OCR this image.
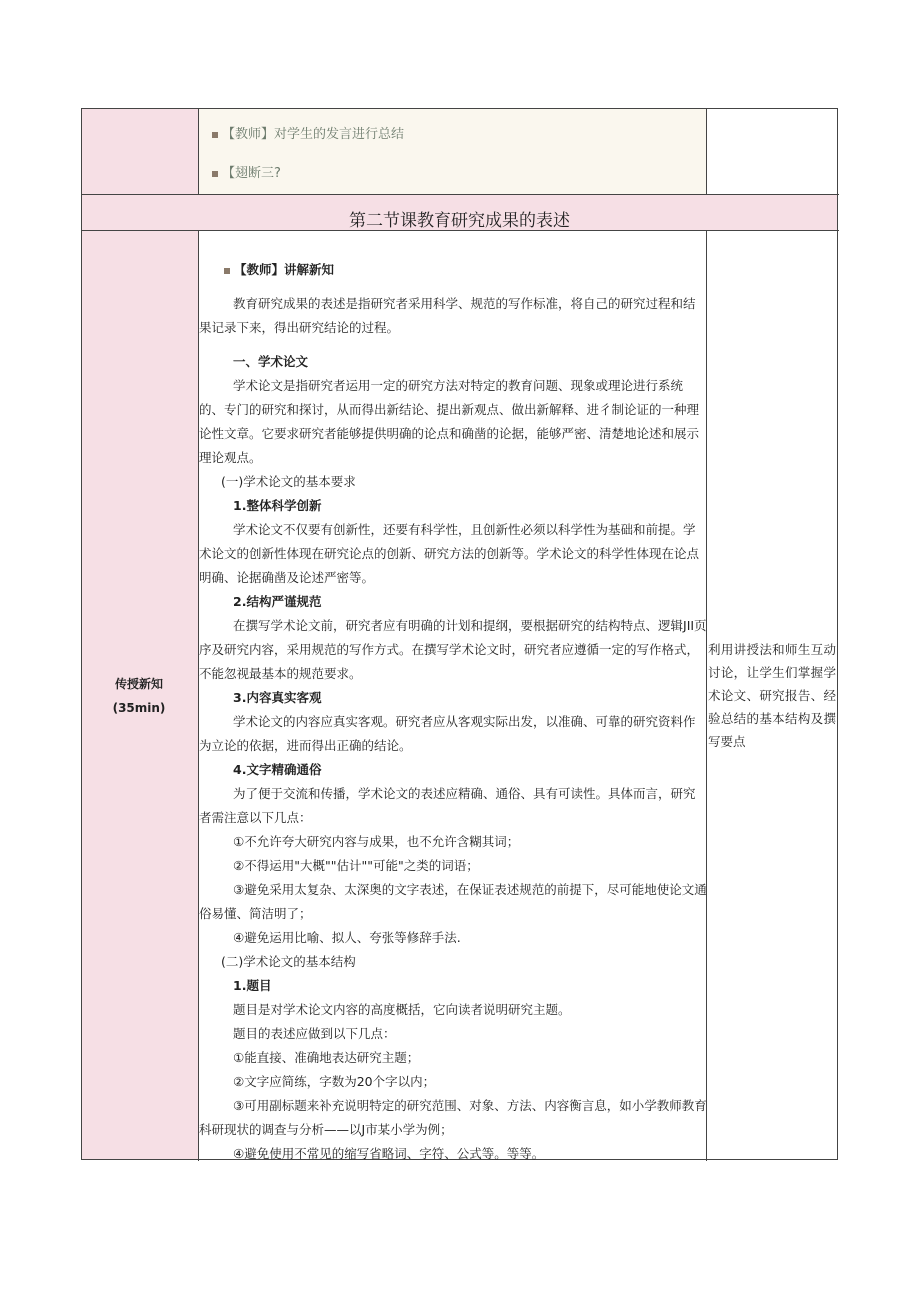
【教师】对学生的发言进行总结
【翅断三?
第二节课教育研究成果的表述
传授新知
(35min)
利用讲授法和师生互动讨论，让学生们掌握学术论文、研究报告、经验总结的基本结构及撰写要点

【教师】讲解新知

教育研究成果的表述是指研究者采用科学、规范的写作标准，将自己的研究过程和结果记录下来，得出研究结论的过程。

一、学术论文

学术论文是指研究者运用一定的研究方法对特定的教育问题、现象或理论进行系统的、专门的研究和探讨，从而得出新结论、提出新观点、做出新解释、进彳制论证的一种理论性文章。它要求研究者能够提供明确的论点和确凿的论据，能够严密、清楚地论述和展示理论观点。

(一)学术论文的基本要求

1.整体科学创新

学术论文不仅要有创新性，还要有科学性，且创新性必须以科学性为基础和前提。学术论文的创新性体现在研究论点的创新、研究方法的创新等。学术论文的科学性体现在论点明确、论据确凿及论述严密等。

2.结构严谨规范

在撰写学术论文前，研究者应有明确的计划和提纲，要根据研究的结构特点、逻辑JII页序及研究内容，采用规范的写作方式。在撰写学术论文时，研究者应遵循一定的写作格式，不能忽视最基本的规范要求。

3.内容真实客观

学术论文的内容应真实客观。研究者应从客观实际出发，以准确、可靠的研究资料作为立论的依据，进而得出正确的结论。

4.文字精确通俗

为了便于交流和传播，学术论文的表述应精确、通俗、具有可读性。具体而言，研究者需注意以下几点：

①不允许夸大研究内容与成果，也不允许含糊其词；

②不得运用"大概""估计""可能"之类的词语；

③避免采用太复杂、太深奥的文字表述，在保证表述规范的前提下，尽可能地使论文通俗易懂、简洁明了；

④避免运用比喻、拟人、夸张等修辞手法.

(二)学术论文的基本结构

1.题目

题目是对学术论文内容的高度概括，它向读者说明研究主题。

题目的表述应做到以下几点：

①能直接、准确地表达研究主题；

②文字应简练，字数为20个字以内；

③可用副标题来补充说明特定的研究范围、对象、方法、内容衡言息，如小学教师教育科研现状的调查与分析——以J市某小学为例；

④避免使用不常见的缩写省略词、字符、公式等。等等。
